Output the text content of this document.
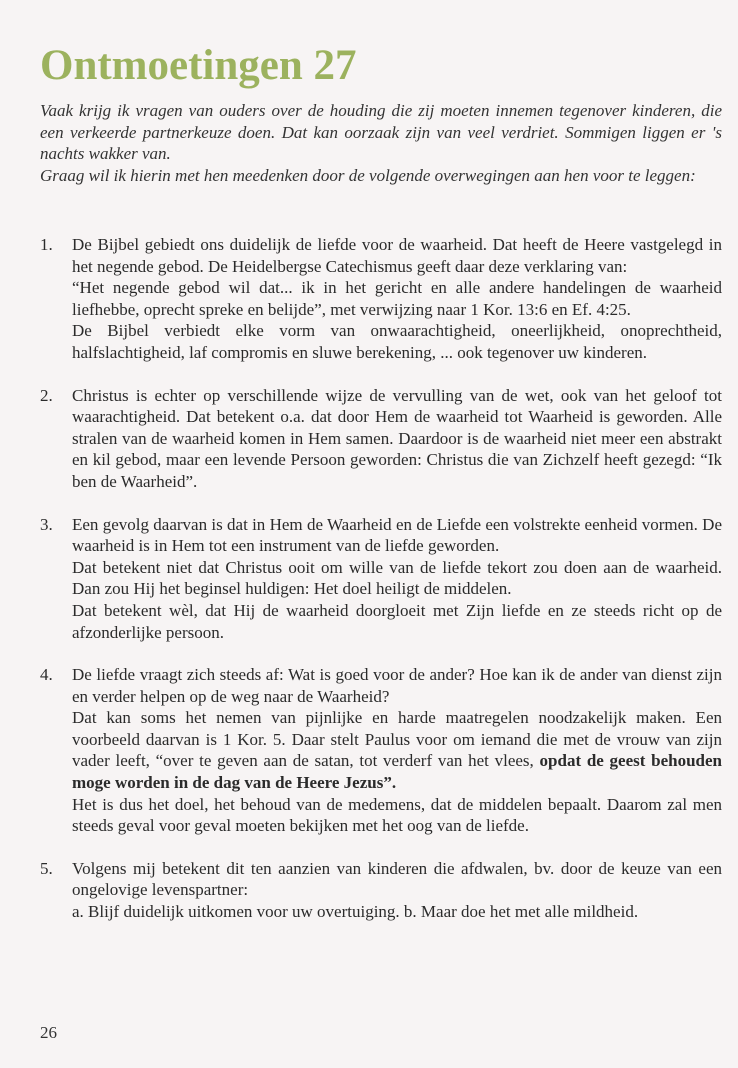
Ontmoetingen 27

Vaak krijg ik vragen van ouders over de houding die zij moeten innemen tegenover kinderen, die een verkeerde partnerkeuze doen. Dat kan oorzaak zijn van veel verdriet. Sommigen liggen er 's nachts wakker van.

Graag wil ik hierin met hen meedenken door de volgende overwegingen aan hen voor te leggen:

1. De Bijbel gebiedt ons duidelijk de liefde voor de waarheid. Dat heeft de Heere vastgelegd in het negende gebod. De Heidelbergse Catechismus geeft daar deze verklaring van:

“Het negende gebod wil dat... ik in het gericht en alle andere handelingen de waarheid liefhebbe, oprecht spreke en belijde”, met verwijzing naar 1 Kor. 13:6 en Ef. 4:25.

De Bijbel verbiedt elke vorm van onwaarachtigheid, oneerlijkheid, onoprechtheid, halfslachtigheid, laf compromis en sluwe berekening, ... ook tegenover uw kinderen.

2. Christus is echter op verschillende wijze de vervulling van de wet, ook van het geloof tot waarachtigheid. Dat betekent o.a. dat door Hem de waarheid tot Waarheid is geworden. Alle stralen van de waarheid komen in Hem samen. Daardoor is de waarheid niet meer een abstrakt en kil gebod, maar een levende Persoon geworden: Christus die van Zichzelf heeft gezegd: “Ik ben de Waarheid”.

3. Een gevolg daarvan is dat in Hem de Waarheid en de Liefde een volstrekte eenheid vormen. De waarheid is in Hem tot een instrument van de liefde geworden.

Dat betekent niet dat Christus ooit om wille van de liefde tekort zou doen aan de waarheid. Dan zou Hij het beginsel huldigen: Het doel heiligt de middelen.

Dat betekent wèl, dat Hij de waarheid doorgloeit met Zijn liefde en ze steeds richt op de afzonderlijke persoon.

4. De liefde vraagt zich steeds af: Wat is goed voor de ander? Hoe kan ik de ander van dienst zijn en verder helpen op de weg naar de Waarheid?

Dat kan soms het nemen van pijnlijke en harde maatregelen noodzakelijk maken. Een voorbeeld daarvan is 1 Kor. 5. Daar stelt Paulus voor om iemand die met de vrouw van zijn vader leeft, “over te geven aan de satan, tot verderf van het vlees, opdat de geest behouden moge worden in de dag van de Heere Jezus”.

Het is dus het doel, het behoud van de medemens, dat de middelen bepaalt. Daarom zal men steeds geval voor geval moeten bekijken met het oog van de liefde.

5. Volgens mij betekent dit ten aanzien van kinderen die afdwalen, bv. door de keuze van een ongelovige levenspartner:

a. Blijf duidelijk uitkomen voor uw overtuiging. b. Maar doe het met alle mildheid.

26
